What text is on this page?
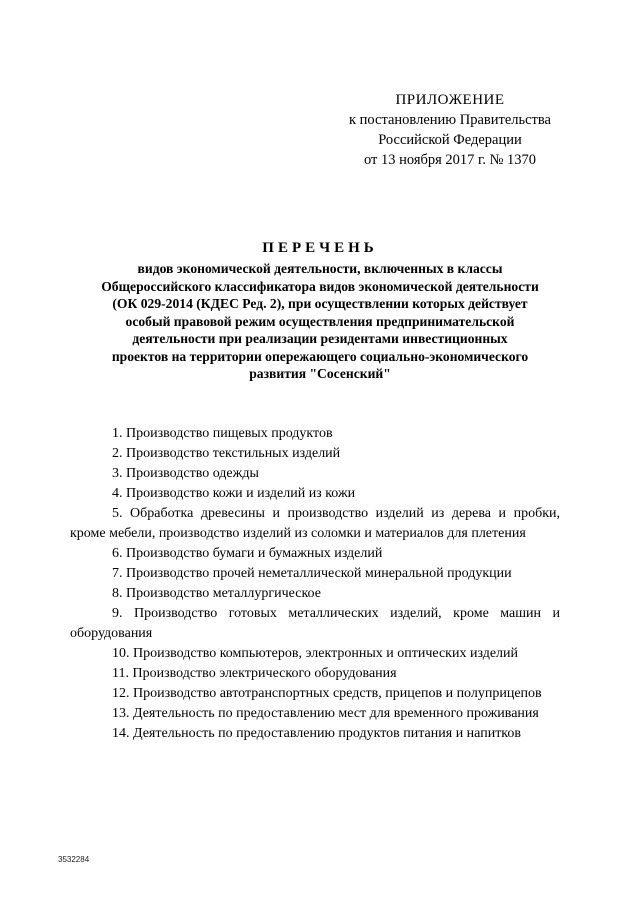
ПРИЛОЖЕНИЕ
к постановлению Правительства
Российской Федерации
от 13 ноября 2017 г. № 1370
ПЕРЕЧЕНЬ
видов экономической деятельности, включенных в классы
Общероссийского классификатора видов экономической деятельности
(ОК 029-2014 (КДЕС Ред. 2), при осуществлении которых действует
особый правовой режим осуществления предпринимательской
деятельности при реализации резидентами инвестиционных
проектов на территории опережающего социально-экономического
развития "Сосенский"
1. Производство пищевых продуктов
2. Производство текстильных изделий
3. Производство одежды
4. Производство кожи и изделий из кожи
5. Обработка древесины и производство изделий из дерева и пробки, кроме мебели, производство изделий из соломки и материалов для плетения
6. Производство бумаги и бумажных изделий
7. Производство прочей неметаллической минеральной продукции
8. Производство металлургическое
9. Производство готовых металлических изделий, кроме машин и оборудования
10. Производство компьютеров, электронных и оптических изделий
11. Производство электрического оборудования
12. Производство автотранспортных средств, прицепов и полуприцепов
13. Деятельность по предоставлению мест для временного проживания
14. Деятельность по предоставлению продуктов питания и напитков
3532284
